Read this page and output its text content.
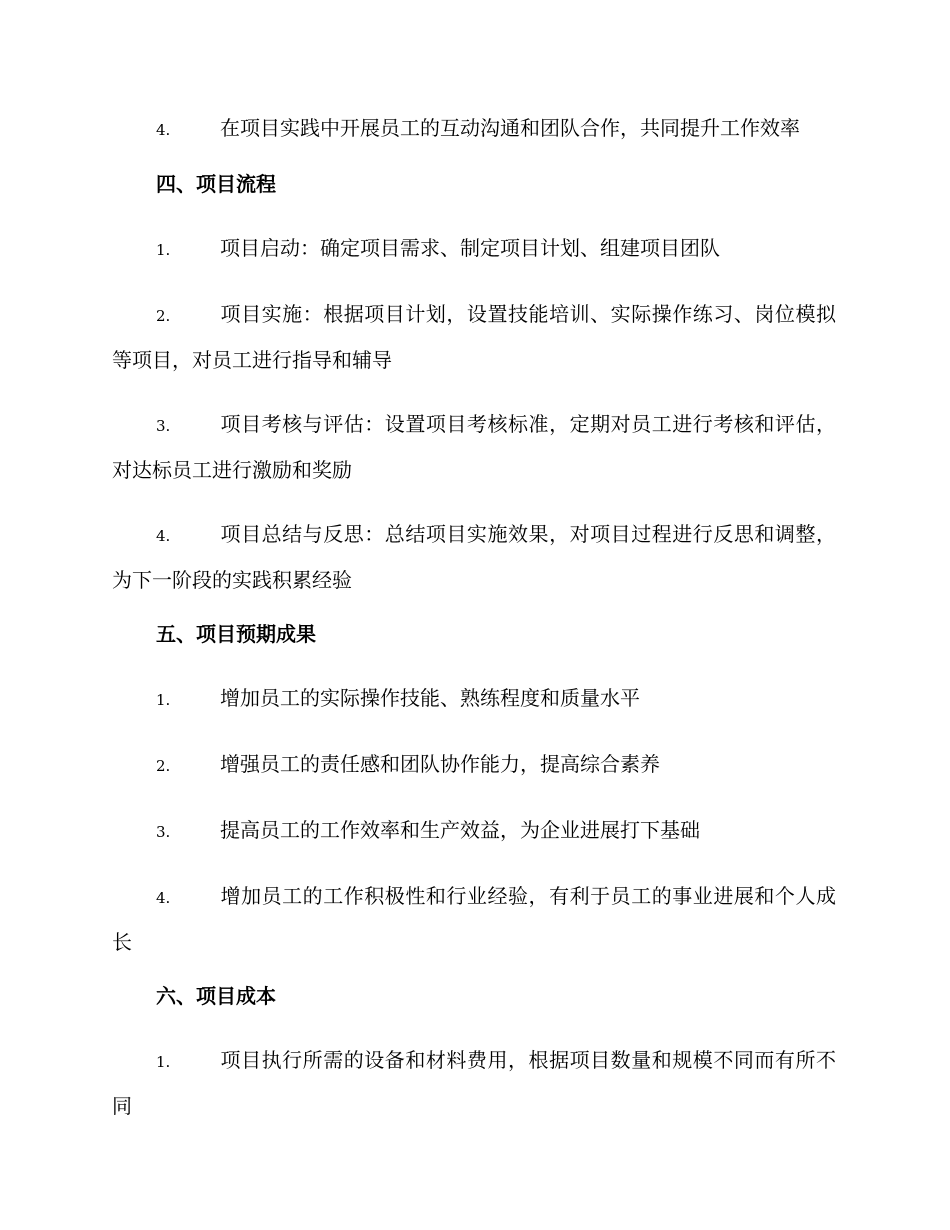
4. 在项目实践中开展员工的互动沟通和团队合作，共同提升工作效率

四、项目流程

1. 项目启动：确定项目需求、制定项目计划、组建项目团队

2. 项目实施：根据项目计划，设置技能培训、实际操作练习、岗位模拟等项目，对员工进行指导和辅导

3. 项目考核与评估：设置项目考核标准，定期对员工进行考核和评估，对达标员工进行激励和奖励

4. 项目总结与反思：总结项目实施效果，对项目过程进行反思和调整，为下一阶段的实践积累经验

五、项目预期成果

1. 增加员工的实际操作技能、熟练程度和质量水平

2. 增强员工的责任感和团队协作能力，提高综合素养

3. 提高员工的工作效率和生产效益，为企业进展打下基础

4. 增加员工的工作积极性和行业经验，有利于员工的事业进展和个人成长

六、项目成本

1. 项目执行所需的设备和材料费用，根据项目数量和规模不同而有所不同
